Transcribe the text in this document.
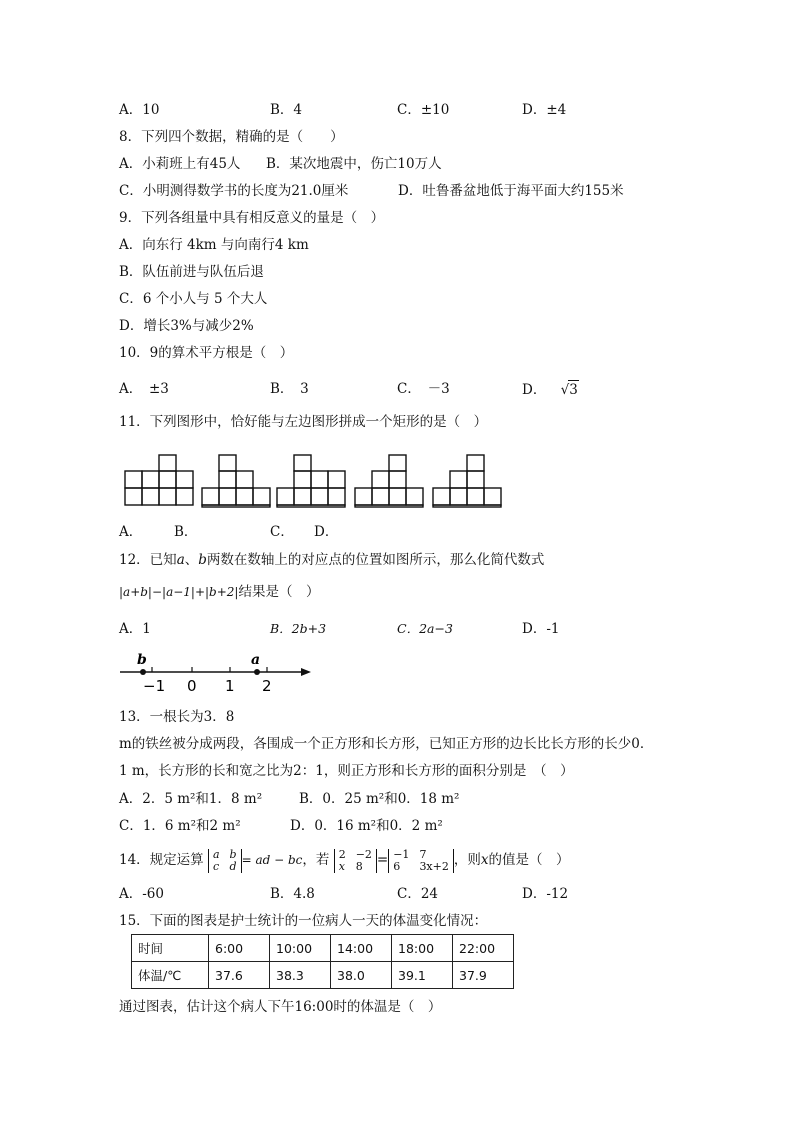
A．10	B．4	C．±10	D．±4
8．下列四个数据，精确的是（　　）
A．小莉班上有45人 B．某次地震中，伤亡10万人
C．小明测得数学书的长度为21.0厘米	D．吐鲁番盆地低于海平面大约155米
9．下列各组量中具有相反意义的量是（　）
A．向东行 4km 与向南行4 km
B．队伍前进与队伍后退
C．6 个小人与 5 个大人
D．增长3%与减少2%
10．9的算术平方根是（　）
A．　±3	B．　3	C．　－3	D． √3
11．下列图形中，恰好能与左边图形拼成一个矩形的是（　）
A． B．	C． D．
12．已知a、b两数在数轴上的对应点的位置如图所示，那么化简代数式
|a+b|−|a−1|+|b+2|结果是（　）
A．1	B．2b+3	C．2a−3	D．-1
b	a
−1 0 1 2
13．一根长为3．8
m的铁丝被分成两段，各围成一个正方形和长方形，已知正方形的边长比长方形的长少0．
1 m，长方形的长和宽之比为2：1，则正方形和长方形的面积分别是　（　）
A．2．5 m²和1．8 m²	B．0．25 m²和0．18 m²
C．1．6 m²和2 m²	D．0．16 m²和0．2 m²
14．规定运算 a b
c d = ad − bc，若 2 −2
x 8	= −1 7
6	3x+2 ，则x的值是（　）
A．-60	B．4.8	C．24	D．-12
15．下面的图表是护士统计的一位病人一天的体温变化情况：
时间	6:00	10:00	14:00	18:00	22:00
体温/℃	37.6	38.3	38.0	39.1	37.9
通过图表，估计这个病人下午16:00时的体温是（　）
